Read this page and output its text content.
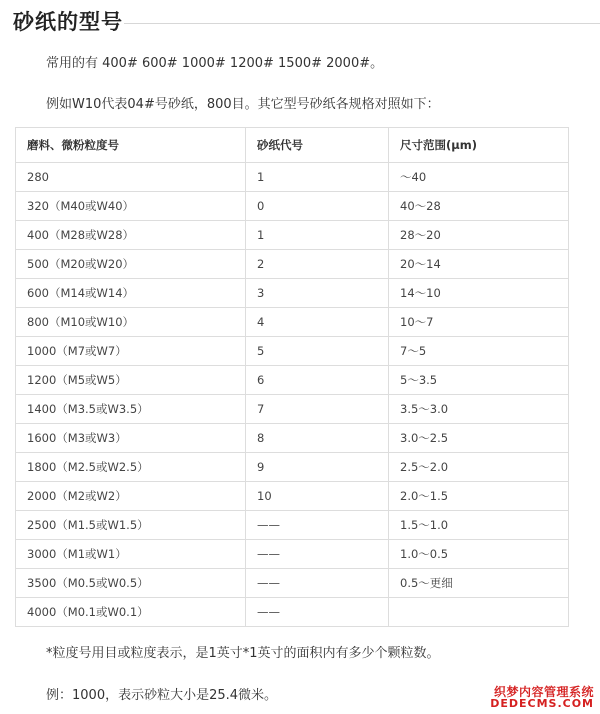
砂纸的型号
常用的有 400# 600# 1000# 1200# 1500# 2000#。
例如W10代表04#号砂纸，800目。其它型号砂纸各规格对照如下：
磨料、微粉粒度号	砂纸代号	尺寸范围(μm)
280	1	～40
320（M40或W40）	0	40～28
400（M28或W28）	1	28～20
500（M20或W20）	2	20～14
600（M14或W14）	3	14～10
800（M10或W10）	4	10～7
1000（M7或W7）	5	7～5
1200（M5或W5）	6	5～3.5
1400（M3.5或W3.5）	7	3.5～3.0
1600（M3或W3）	8	3.0～2.5
1800（M2.5或W2.5）	9	2.5～2.0
2000（M2或W2）	10	2.0～1.5
2500（M1.5或W1.5）	——	1.5～1.0
3000（M1或W1）	——	1.0～0.5
3500（M0.5或W0.5）	——	0.5～更细
4000（M0.1或W0.1）	——	
*粒度号用目或粒度表示，是1英寸*1英寸的面积内有多少个颗粒数。
例：1000，表示砂粒大小是25.4微米。	织梦内容管理系统
DEDECMS.COM
